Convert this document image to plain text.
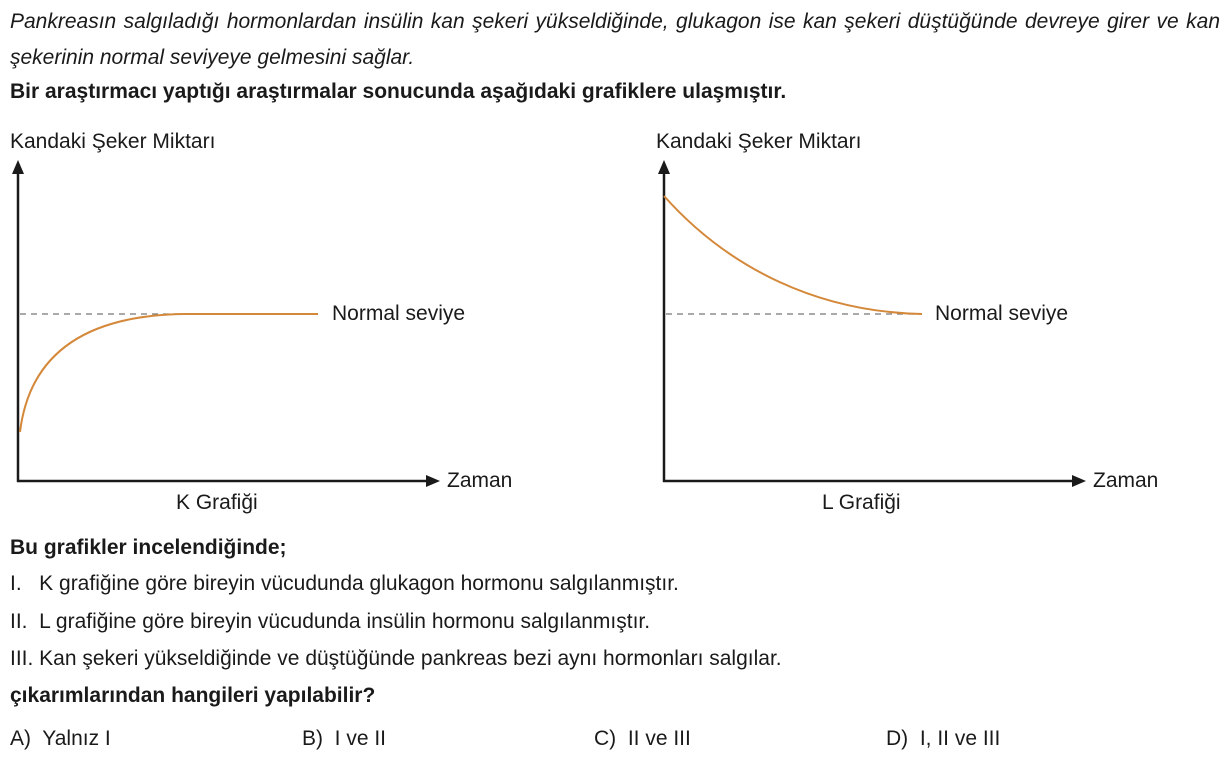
Pankreasın salgıladığı hormonlardan insülin kan şekeri yükseldiğinde, glukagon ise kan şekeri düştüğünde devreye girer ve kan şekerinin normal seviyeye gelmesini sağlar.
Bir araştırmacı yaptığı araştırmalar sonucunda aşağıdaki grafiklere ulaşmıştır.
Kandaki Şeker Miktarı
Normal seviye
Zaman
K Grafiği
Kandaki Şeker Miktarı
Normal seviye
Zaman
L Grafiği
Bu grafikler incelendiğinde;
I.   K grafiğine göre bireyin vücudunda glukagon hormonu salgılanmıştır.
II.  L grafiğine göre bireyin vücudunda insülin hormonu salgılanmıştır.
III. Kan şekeri yükseldiğinde ve düştüğünde pankreas bezi aynı hormonları salgılar.
çıkarımlarından hangileri yapılabilir?
A)  Yalnız I	B)  I ve II	C)  II ve III	D)  I, II ve III
